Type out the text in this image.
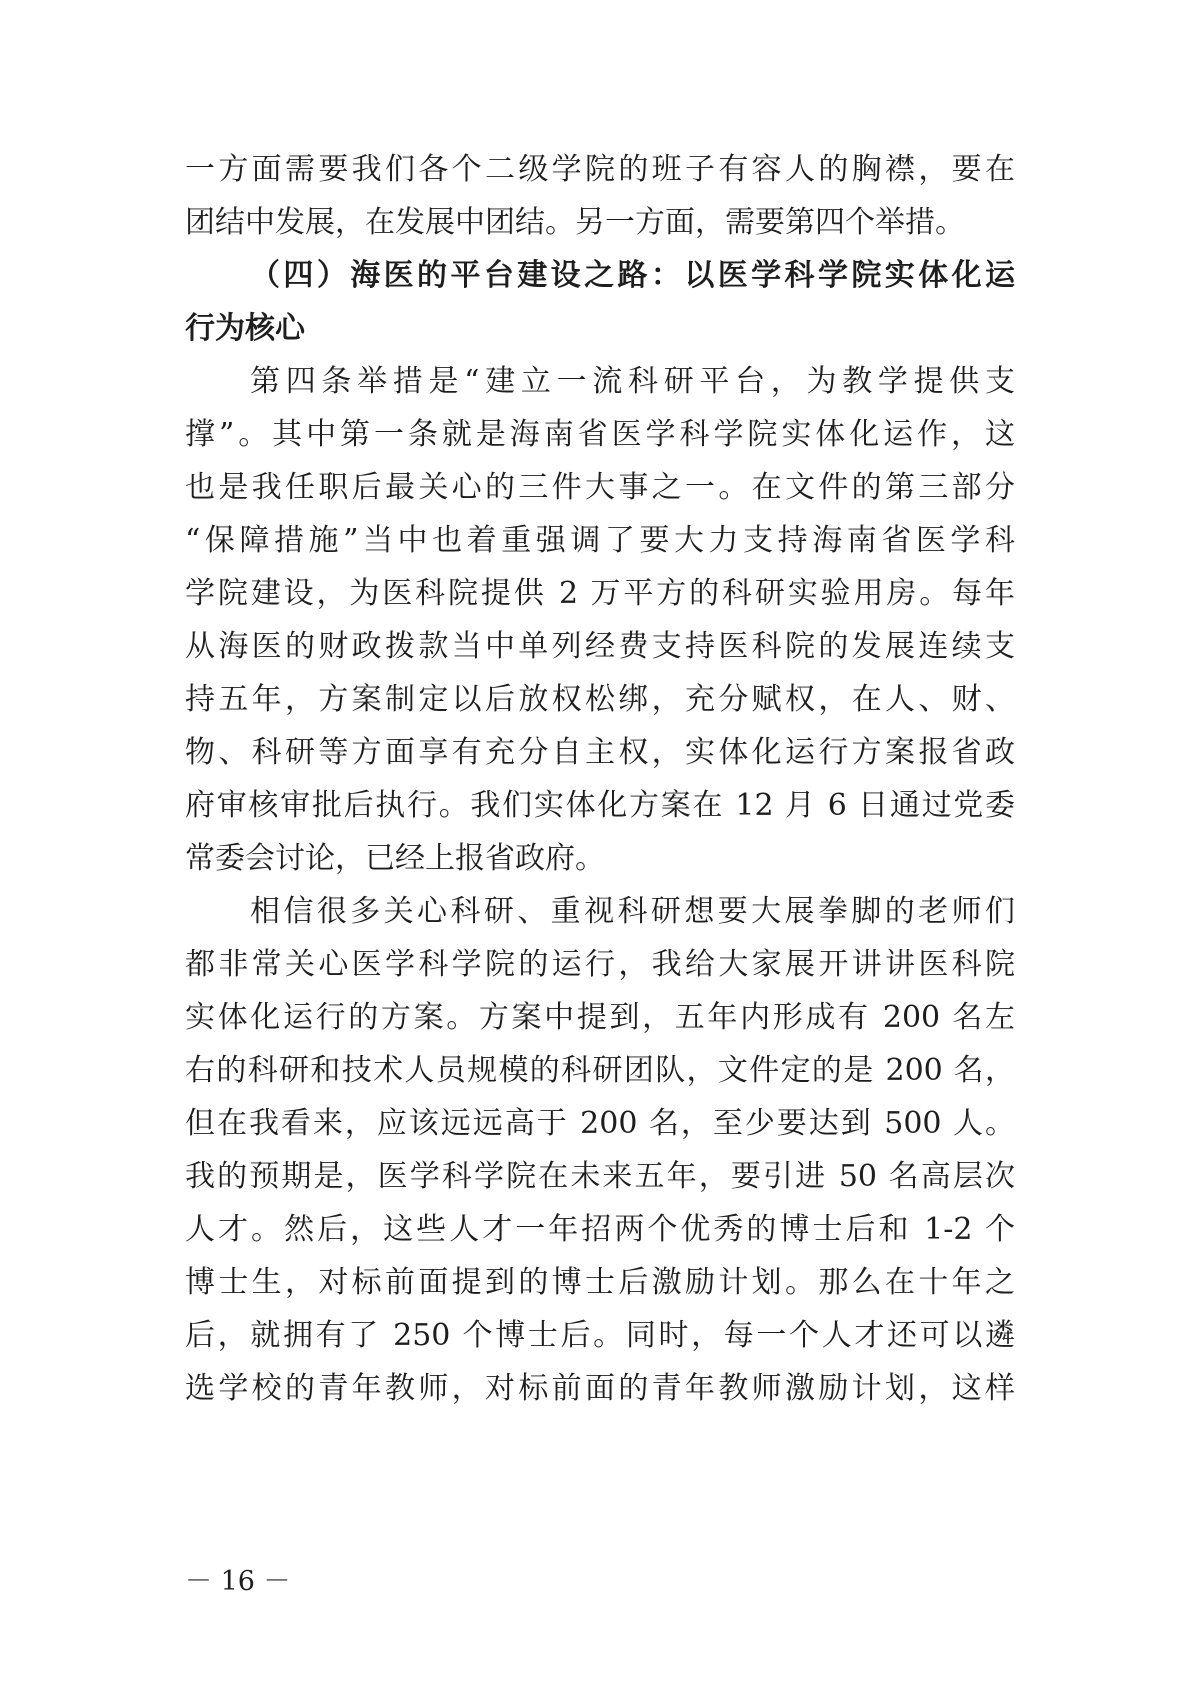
一方面需要我们各个二级学院的班子有容人的胸襟，要在
团结中发展，在发展中团结。另一方面，需要第四个举措。
（四）海医的平台建设之路：以医学科学院实体化运
行为核心
第四条举措是“建立一流科研平台，为教学提供支
撑”。其中第一条就是海南省医学科学院实体化运作，这
也是我任职后最关心的三件大事之一。在文件的第三部分
“保障措施”当中也着重强调了要大力支持海南省医学科
学院建设，为医科院提供 2 万平方的科研实验用房。每年
从海医的财政拨款当中单列经费支持医科院的发展连续支
持五年，方案制定以后放权松绑，充分赋权，在人、财、
物、科研等方面享有充分自主权，实体化运行方案报省政
府审核审批后执行。我们实体化方案在 12 月 6 日通过党委
常委会讨论，已经上报省政府。
相信很多关心科研、重视科研想要大展拳脚的老师们
都非常关心医学科学院的运行，我给大家展开讲讲医科院
实体化运行的方案。方案中提到，五年内形成有 200 名左
右的科研和技术人员规模的科研团队，文件定的是 200 名，
但在我看来，应该远远高于 200 名，至少要达到 500 人。
我的预期是，医学科学院在未来五年，要引进 50 名高层次
人才。然后，这些人才一年招两个优秀的博士后和 1-2 个
博士生，对标前面提到的博士后激励计划。那么在十年之
后，就拥有了 250 个博士后。同时，每一个人才还可以遴
选学校的青年教师，对标前面的青年教师激励计划，这样
－ 16 －
